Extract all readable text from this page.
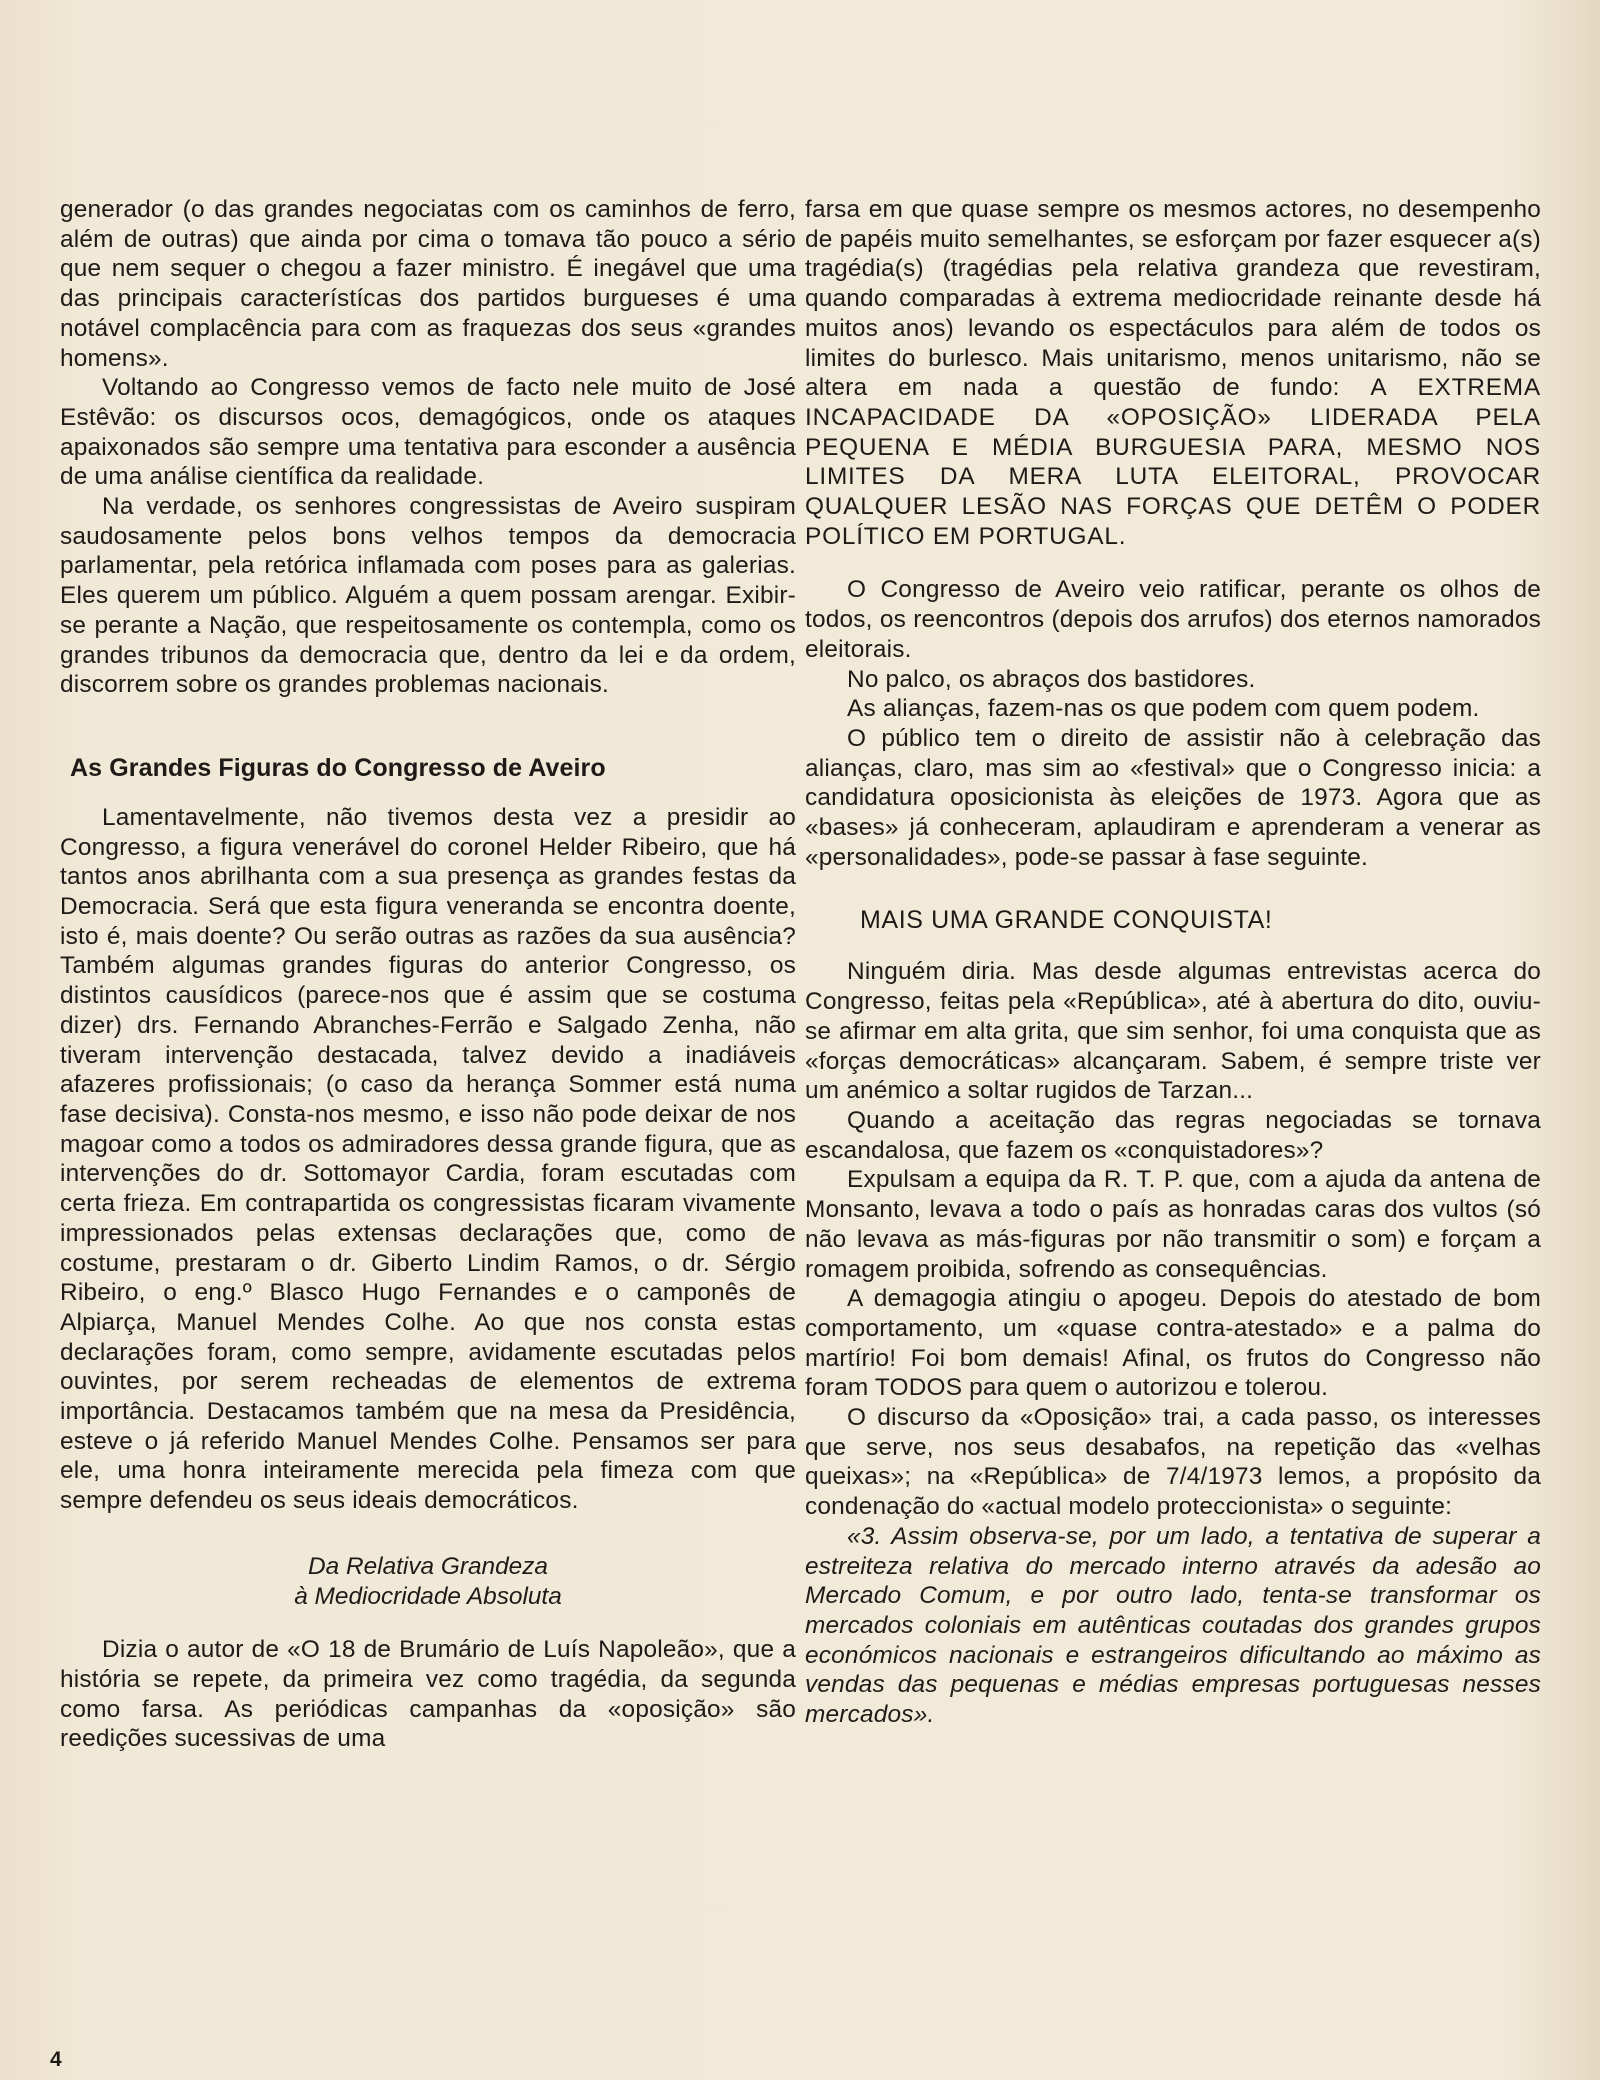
generador (o das grandes negociatas com os caminhos de ferro, além de outras) que ainda por cima o tomava tão pouco a sério que nem sequer o chegou a fazer ministro. É inegável que uma das principais característícas dos partidos burgueses é uma notável complacência para com as fraquezas dos seus «grandes homens».

Voltando ao Congresso vemos de facto nele muito de José Estêvão: os discursos ocos, demagógicos, onde os ataques apaixonados são sempre uma tentativa para esconder a ausência de uma análise científica da realidade.

Na verdade, os senhores congressistas de Aveiro suspiram saudosamente pelos bons velhos tempos da democracia parlamentar, pela retórica inflamada com poses para as galerias. Eles querem um público. Alguém a quem possam arengar. Exibir-se perante a Nação, que respeitosamente os contempla, como os grandes tribunos da democracia que, dentro da lei e da ordem, discorrem sobre os grandes problemas nacionais.

As Grandes Figuras do Congresso de Aveiro

Lamentavelmente, não tivemos desta vez a presidir ao Congresso, a figura venerável do coronel Helder Ribeiro, que há tantos anos abrilhanta com a sua presença as grandes festas da Democracia. Será que esta figura veneranda se encontra doente, isto é, mais doente? Ou serão outras as razões da sua ausência? Também algumas grandes figuras do anterior Congresso, os distintos causídicos (parece-nos que é assim que se costuma dizer) drs. Fernando Abranches-Ferrão e Salgado Zenha, não tiveram intervenção destacada, talvez devido a inadiáveis afazeres profissionais; (o caso da herança Sommer está numa fase decisiva). Consta-nos mesmo, e isso não pode deixar de nos magoar como a todos os admiradores dessa grande figura, que as intervenções do dr. Sottomayor Cardia, foram escutadas com certa frieza. Em contrapartida os congressistas ficaram vivamente impressionados pelas extensas declarações que, como de costume, prestaram o dr. Giberto Lindim Ramos, o dr. Sérgio Ribeiro, o eng.º Blasco Hugo Fernandes e o camponês de Alpiarça, Manuel Mendes Colhe. Ao que nos consta estas declarações foram, como sempre, avidamente escutadas pelos ouvintes, por serem recheadas de elementos de extrema importância. Destacamos também que na mesa da Presidência, esteve o já referido Manuel Mendes Colhe. Pensamos ser para ele, uma honra inteiramente merecida pela fimeza com que sempre defendeu os seus ideais democráticos.

Da Relativa Grandeza
à Mediocridade Absoluta

Dizia o autor de «O 18 de Brumário de Luís Napoleão», que a história se repete, da primeira vez como tragédia, da segunda como farsa. As periódicas campanhas da «oposição» são reedições sucessivas de uma

farsa em que quase sempre os mesmos actores, no desempenho de papéis muito semelhantes, se esforçam por fazer esquecer a(s) tragédia(s) (tragédias pela relativa grandeza que revestiram, quando comparadas à extrema mediocridade reinante desde há muitos anos) levando os espectáculos para além de todos os limites do burlesco. Mais unitarismo, menos unitarismo, não se altera em nada a questão de fundo: A EXTREMA INCAPACIDADE DA «OPOSIÇÃO» LIDERADA PELA PEQUENA E MÉDIA BURGUESIA PARA, MESMO NOS LIMITES DA MERA LUTA ELEITORAL, PROVOCAR QUALQUER LESÃO NAS FORÇAS QUE DETÊM O PODER POLÍTICO EM PORTUGAL.

O Congresso de Aveiro veio ratificar, perante os olhos de todos, os reencontros (depois dos arrufos) dos eternos namorados eleitorais.

No palco, os abraços dos bastidores.

As alianças, fazem-nas os que podem com quem podem.

O público tem o direito de assistir não à celebração das alianças, claro, mas sim ao «festival» que o Congresso inicia: a candidatura oposicionista às eleições de 1973. Agora que as «bases» já conheceram, aplaudiram e aprenderam a venerar as «personalidades», pode-se passar à fase seguinte.

MAIS UMA GRANDE CONQUISTA!

Ninguém diria. Mas desde algumas entrevistas acerca do Congresso, feitas pela «República», até à abertura do dito, ouviu-se afirmar em alta grita, que sim senhor, foi uma conquista que as «forças democráticas» alcançaram. Sabem, é sempre triste ver um anémico a soltar rugidos de Tarzan...

Quando a aceitação das regras negociadas se tornava escandalosa, que fazem os «conquistadores»?

Expulsam a equipa da R. T. P. que, com a ajuda da antena de Monsanto, levava a todo o país as honradas caras dos vultos (só não levava as más-figuras por não transmitir o som) e forçam a romagem proibida, sofrendo as consequências.

A demagogia atingiu o apogeu. Depois do atestado de bom comportamento, um «quase contra-atestado» e a palma do martírio! Foi bom demais! Afinal, os frutos do Congresso não foram TODOS para quem o autorizou e tolerou.

O discurso da «Oposição» trai, a cada passo, os interesses que serve, nos seus desabafos, na repetição das «velhas queixas»; na «República» de 7/4/1973 lemos, a propósito da condenação do «actual modelo proteccionista» o seguinte:

«3. Assim observa-se, por um lado, a tentativa de superar a estreiteza relativa do mercado interno através da adesão ao Mercado Comum, e por outro lado, tenta-se transformar os mercados coloniais em autênticas coutadas dos grandes grupos económicos nacionais e estrangeiros dificultando ao máximo as vendas das pequenas e médias empresas portuguesas nesses mercados».

4
